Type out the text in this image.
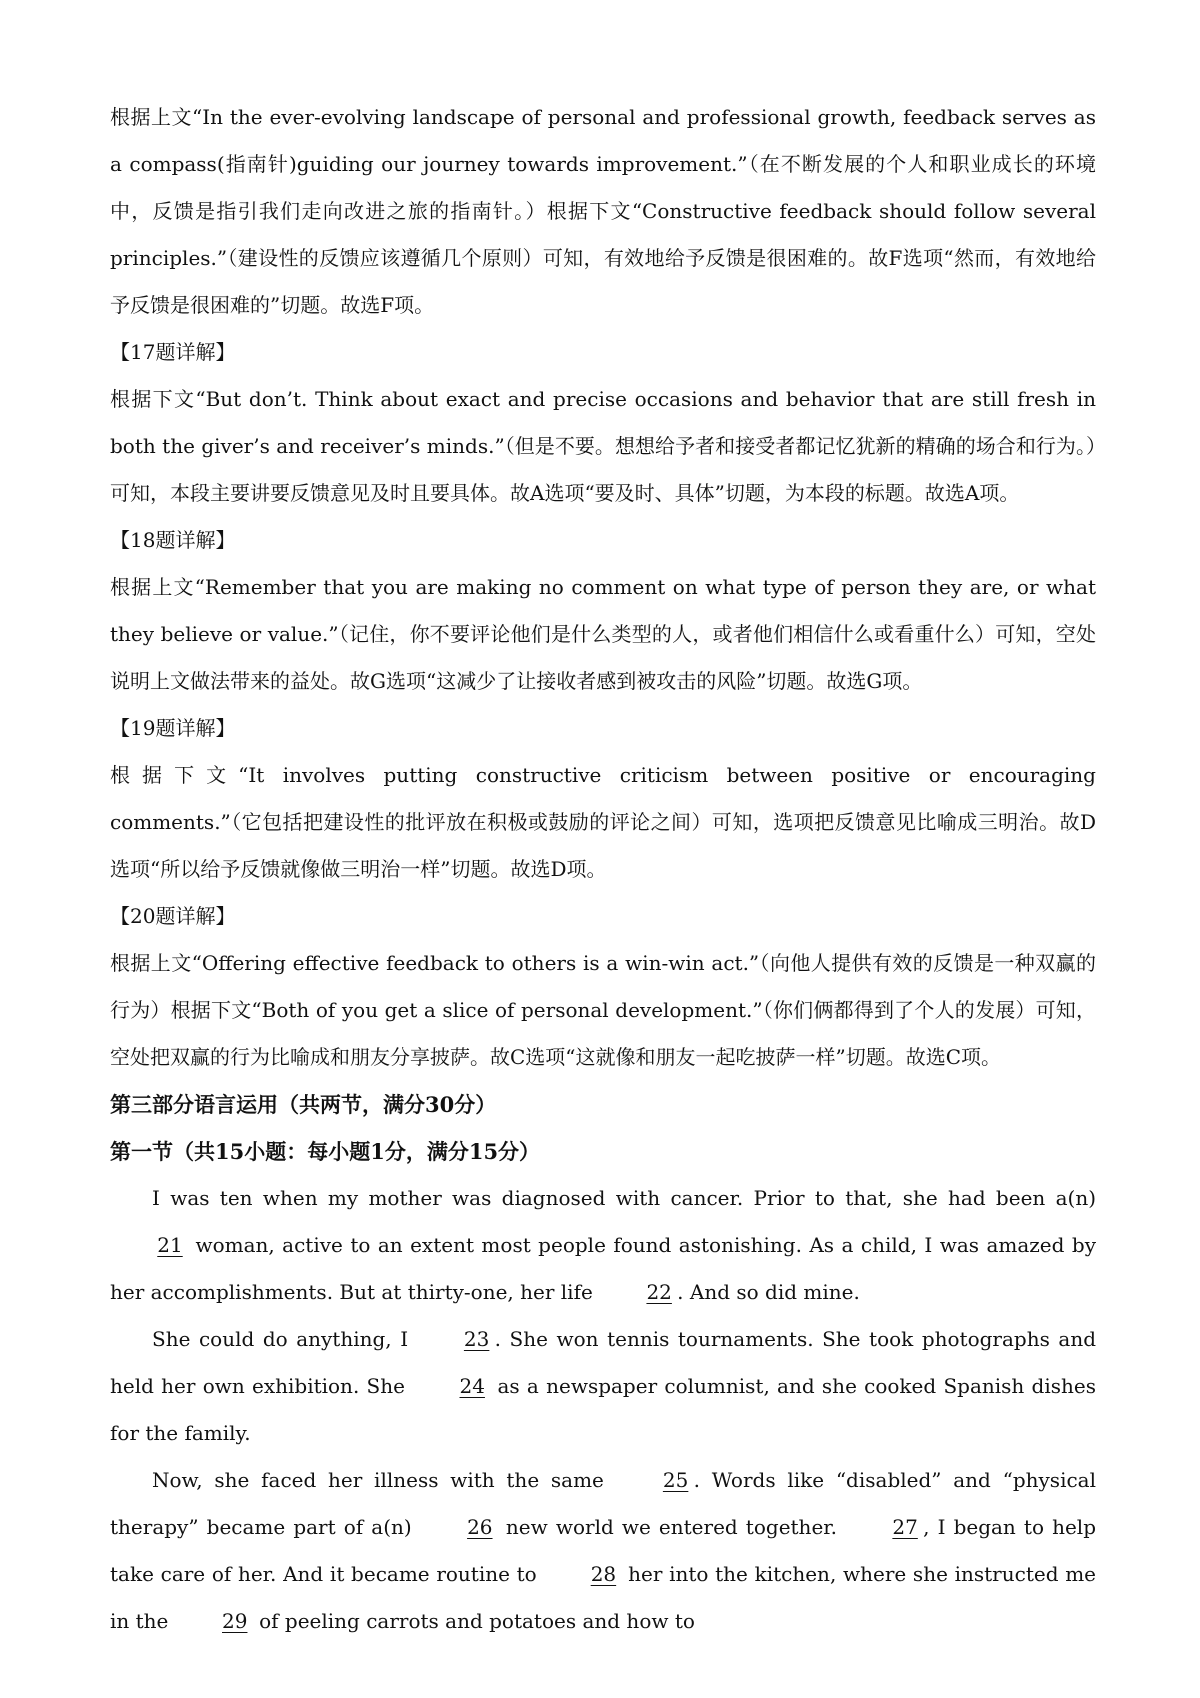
根据上文“In the ever-evolving landscape of personal and professional growth, feedback serves as a compass(指南针)guiding our journey towards improvement.”（在不断发展的个人和职业成长的环境中，反馈是指引我们走向改进之旅的指南针。）根据下文“Constructive feedback should follow several principles.”（建设性的反馈应该遵循几个原则）可知，有效地给予反馈是很困难的。故F选项“然而，有效地给予反馈是很困难的”切题。故选F项。

【17题详解】

根据下文“But don’t. Think about exact and precise occasions and behavior that are still fresh in both the giver’s and receiver’s minds.”（但是不要。想想给予者和接受者都记忆犹新的精确的场合和行为。）可知，本段主要讲要反馈意见及时且要具体。故A选项“要及时、具体”切题，为本段的标题。故选A项。

【18题详解】

根据上文“Remember that you are making no comment on what type of person they are, or what they believe or value.”（记住，你不要评论他们是什么类型的人，或者他们相信什么或看重什么）可知，空处说明上文做法带来的益处。故G选项“这减少了让接收者感到被攻击的风险”切题。故选G项。

【19题详解】

根据下文“It involves putting constructive criticism between positive or encouraging comments.”（它包括把建设性的批评放在积极或鼓励的评论之间）可知，选项把反馈意见比喻成三明治。故D选项“所以给予反馈就像做三明治一样”切题。故选D项。

【20题详解】

根据上文“Offering effective feedback to others is a win-win act.”（向他人提供有效的反馈是一种双赢的行为）根据下文“Both of you get a slice of personal development.”（你们俩都得到了个人的发展）可知，空处把双赢的行为比喻成和朋友分享披萨。故C选项“这就像和朋友一起吃披萨一样”切题。故选C项。

第三部分语言运用（共两节，满分30分）

第一节（共15小题：每小题1分，满分15分）

I was ten when my mother was diagnosed with cancer. Prior to that, she had been a(n) 21 woman, active to an extent most people found astonishing. As a child, I was amazed by her accomplishments. But at thirty-one, her life 22 . And so did mine.

She could do anything, I 23 . She won tennis tournaments. She took photographs and held her own exhibition. She 24 as a newspaper columnist, and she cooked Spanish dishes for the family.

Now, she faced her illness with the same 25 . Words like “disabled” and “physical therapy” became part of a(n) 26 new world we entered together. 27 , I began to help take care of her. And it became routine to 28 her into the kitchen, where she instructed me in the 29 of peeling carrots and potatoes and how to
